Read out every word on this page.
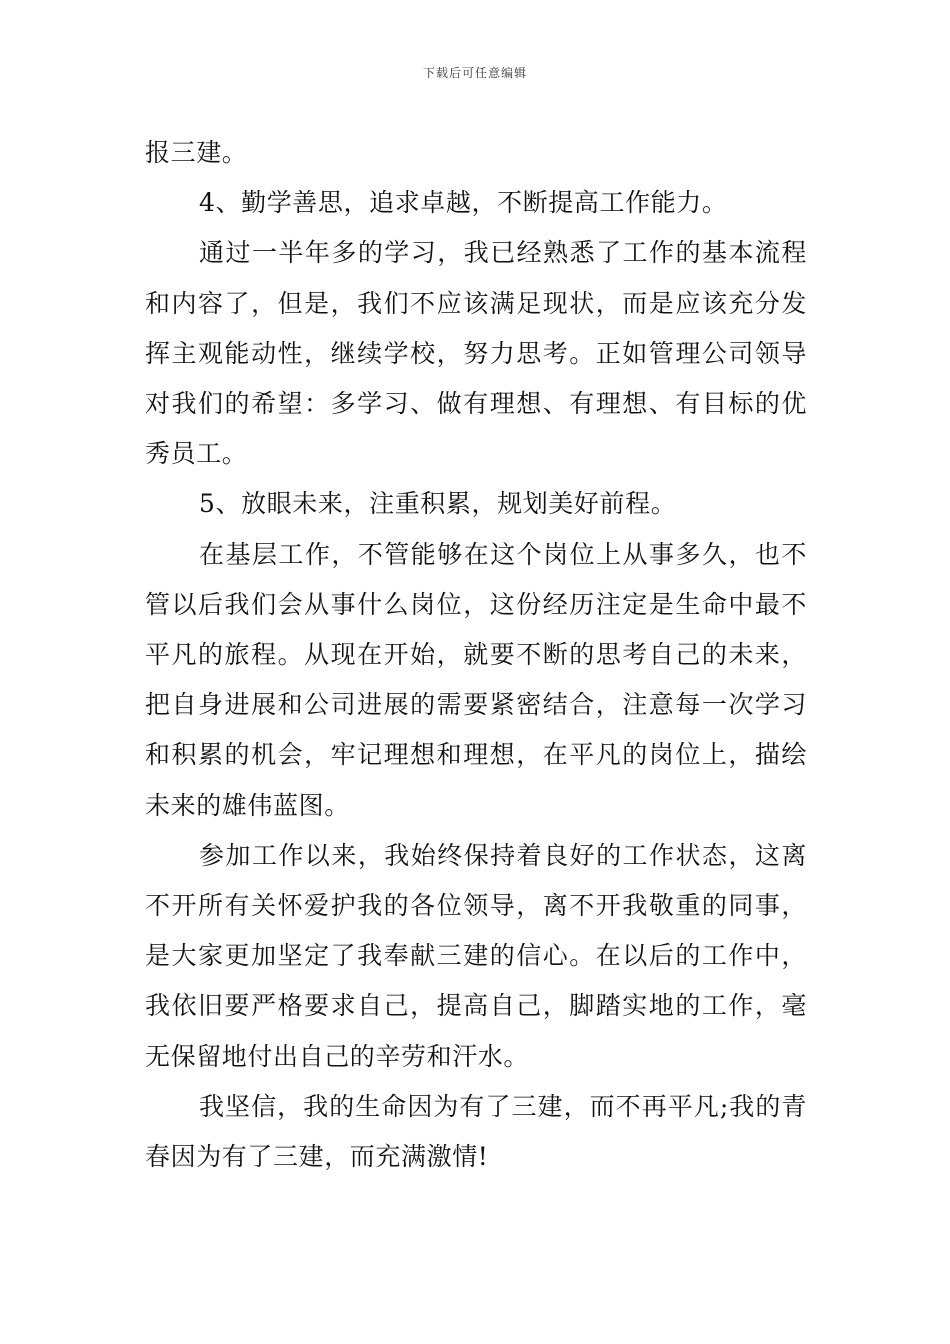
下载后可任意编辑

报三建。

4、勤学善思，追求卓越，不断提高工作能力。

通过一半年多的学习，我已经熟悉了工作的基本流程和内容了，但是，我们不应该满足现状，而是应该充分发挥主观能动性，继续学校，努力思考。正如管理公司领导对我们的希望：多学习、做有理想、有理想、有目标的优秀员工。

5、放眼未来，注重积累，规划美好前程。

在基层工作，不管能够在这个岗位上从事多久，也不管以后我们会从事什么岗位，这份经历注定是生命中最不平凡的旅程。从现在开始，就要不断的思考自己的未来，把自身进展和公司进展的需要紧密结合，注意每一次学习和积累的机会，牢记理想和理想，在平凡的岗位上，描绘未来的雄伟蓝图。

参加工作以来，我始终保持着良好的工作状态，这离不开所有关怀爱护我的各位领导，离不开我敬重的同事，是大家更加坚定了我奉献三建的信心。在以后的工作中，我依旧要严格要求自己，提高自己，脚踏实地的工作，毫无保留地付出自己的辛劳和汗水。

我坚信，我的生命因为有了三建，而不再平凡;我的青春因为有了三建，而充满激情!
